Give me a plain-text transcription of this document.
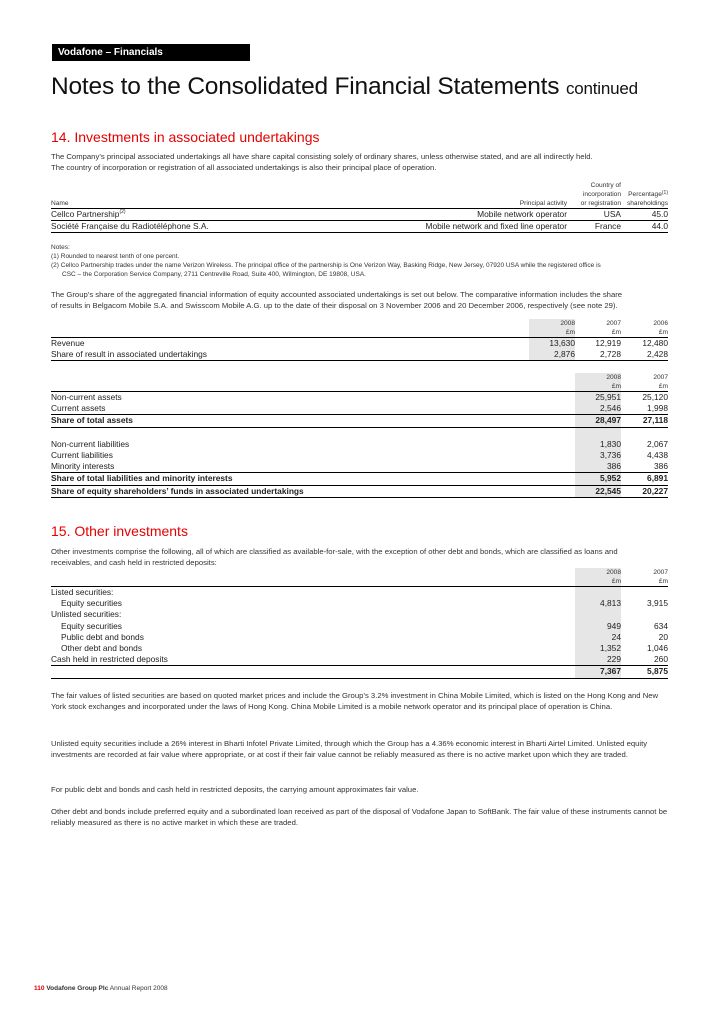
Vodafone – Financials
Notes to the Consolidated Financial Statements continued
14. Investments in associated undertakings

The Company’s principal associated undertakings all have share capital consisting solely of ordinary shares, unless otherwise stated, and are all indirectly held.

The country of incorporation or registration of all associated undertakings is also their principal place of operation.

		Country of	
		incorporation	Percentage$^{(1)}$
Name	Principal activity	or registration	shareholdings
Cellco Partnership$^{(2)}$	Mobile network operator	USA	45.0
Société Française du Radiotéléphone S.A.	Mobile network and fixed line operator	France	44.0

Notes:

(1) Rounded to nearest tenth of one percent.

(2) Cellco Partnership trades under the name Verizon Wireless. The principal office of the partnership is One Verizon Way, Basking Ridge, New Jersey, 07920 USA while the registered office is

CSC – the Corporation Service Company, 2711 Centreville Road, Suite 400, Wilmington, DE 19808, USA.

The Group’s share of the aggregated financial information of equity accounted associated undertakings is set out below. The comparative information includes the share

of results in Belgacom Mobile S.A. and Swisscom Mobile A.G. up to the date of their disposal on 3 November 2006 and 20 December 2006, respectively (see note 29).

	2008	2007	2006
	£m	£m	£m
Revenue	13,630	12,919	12,480
Share of result in associated undertakings	2,876	2,728	2,428
	2008	2007
	£m	£m
Non-current assets	25,951	25,120
Current assets	2,546	1,998
Share of total assets	28,497	27,118

Non-current liabilities	1,830	2,067
Current liabilities	3,736	4,438
Minority interests	386	386
Share of total liabilities and minority interests	5,952	6,891
Share of equity shareholders’ funds in associated undertakings	22,545	20,227
15. Other investments

Other investments comprise the following, all of which are classified as available-for-sale, with the exception of other debt and bonds, which are classified as loans and

receivables, and cash held in restricted deposits:

	2008	2007
	£m	£m
Listed securities:		
Equity securities	4,813	3,915
Unlisted securities:		
Equity securities	949	634
Public debt and bonds	24	20
Other debt and bonds	1,352	1,046
Cash held in restricted deposits	229	260
	7,367	5,875

The fair values of listed securities are based on quoted market prices and include the Group’s 3.2% investment in China Mobile Limited, which is listed on the Hong Kong and New York stock exchanges and incorporated under the laws of Hong Kong. China Mobile Limited is a mobile network operator and its principal place of operation is China.

Unlisted equity securities include a 26% interest in Bharti Infotel Private Limited, through which the Group has a 4.36% economic interest in Bharti Airtel Limited. Unlisted equity investments are recorded at fair value where appropriate, or at cost if their fair value cannot be reliably measured as there is no active market upon which they are traded.

For public debt and bonds and cash held in restricted deposits, the carrying amount approximates fair value.

Other debt and bonds include preferred equity and a subordinated loan received as part of the disposal of Vodafone Japan to SoftBank. The fair value of these instruments cannot be reliably measured as there is no active market in which these are traded.

110 Vodafone Group Plc Annual Report 2008
